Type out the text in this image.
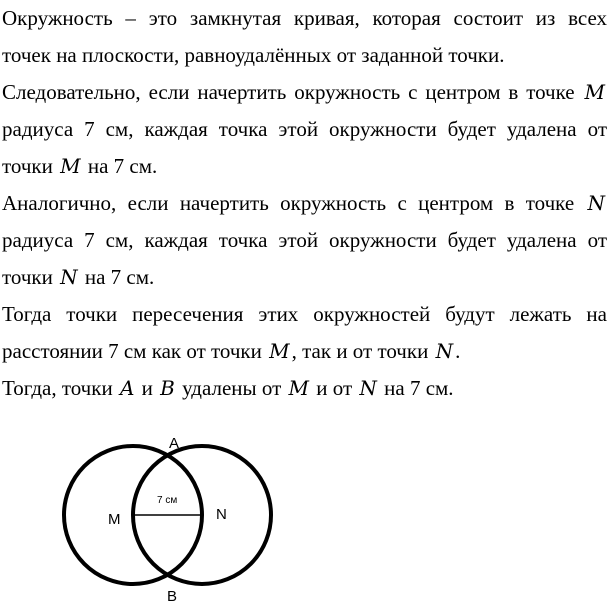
Окружность – это замкнутая кривая, которая состоит из всех
точек на плоскости, равноудалённых от заданной точки.

Следовательно, если начертить окружность с центром в точке M
радиуса 7 см, каждая точка этой окружности будет удалена от
точки M на 7 см.

Аналогично, если начертить окружность с центром в точке N
радиуса 7 см, каждая точка этой окружности будет удалена от
точки N на 7 см.

Тогда точки пересечения этих окружностей будут лежать на
расстоянии 7 см как от точки M, так и от точки N.

Тогда, точки A и B удалены от M и от N на 7 см.

7 см
A
B
M	N
